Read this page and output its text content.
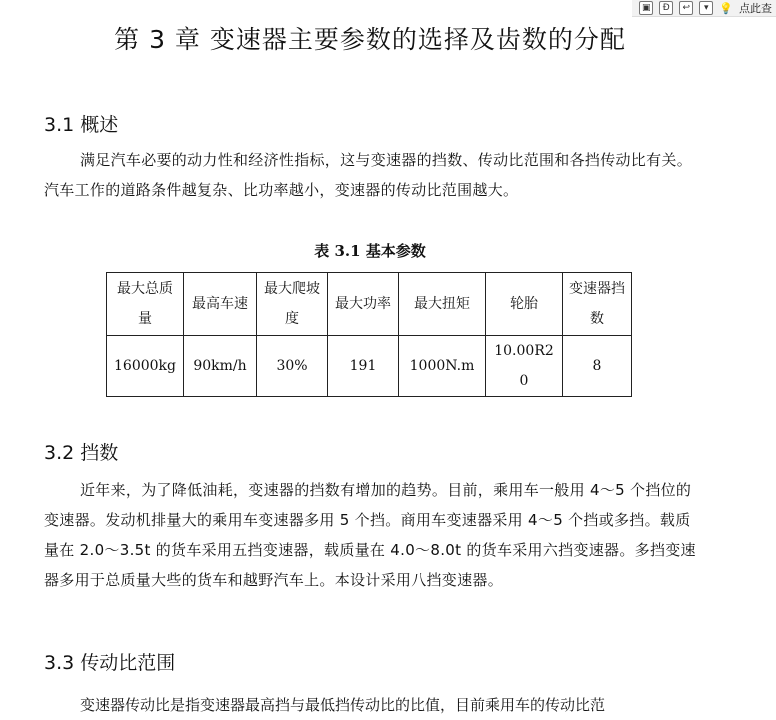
▣	Ð	↩	▾ 💡 点此查
第 3 章 变速器主要参数的选择及齿数的分配
3.1 概述
满足汽车必要的动力性和经济性指标，这与变速器的挡数、传动比范围和各挡传动比有关。汽车工作的道路条件越复杂、比功率越小，变速器的传动比范围越大。
表 3.1 基本参数
最大总质量	最高车速	最大爬坡度	最大功率	最大扭矩	轮胎	变速器挡数
16000kg	90km/h	30%	191	1000N.m	10.00R20	8
3.2 挡数
近年来，为了降低油耗，变速器的挡数有增加的趋势。目前，乘用车一般用 4～5 个挡位的变速器。发动机排量大的乘用车变速器多用 5 个挡。商用车变速器采用 4～5 个挡或多挡。载质量在 2.0～3.5t 的货车采用五挡变速器，载质量在 4.0～8.0t 的货车采用六挡变速器。多挡变速器多用于总质量大些的货车和越野汽车上。本设计采用八挡变速器。
3.3 传动比范围
变速器传动比是指变速器最高挡与最低挡传动比的比值，目前乘用车的传动比范
